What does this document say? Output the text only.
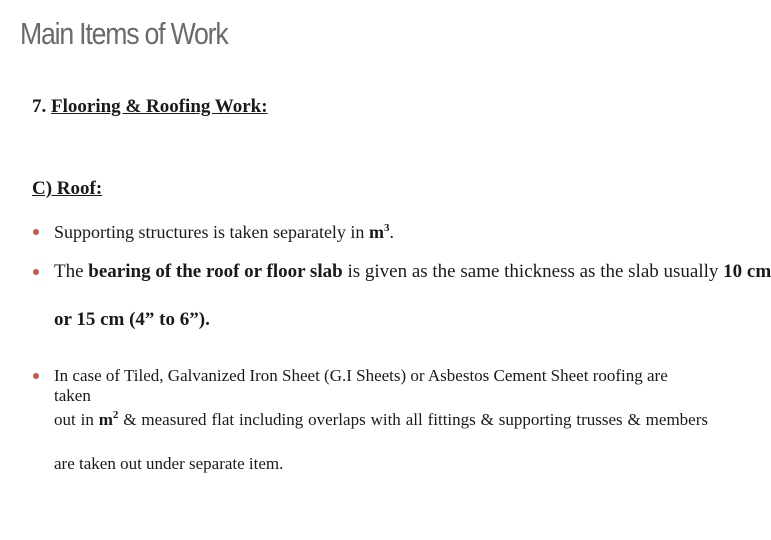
Main Items of Work
7. Flooring & Roofing Work:
C) Roof:
Supporting structures is taken separately in $m^3$.
The bearing of the roof or floor slab is given as the same thickness as the slab usually 10 cm
or 15 cm (4” to 6”).
In case of Tiled, Galvanized Iron Sheet (G.I Sheets) or Asbestos Cement Sheet roofing are taken
out in $m^2$ & measured flat including overlaps with all fittings & supporting trusses & members
are taken out under separate item.
